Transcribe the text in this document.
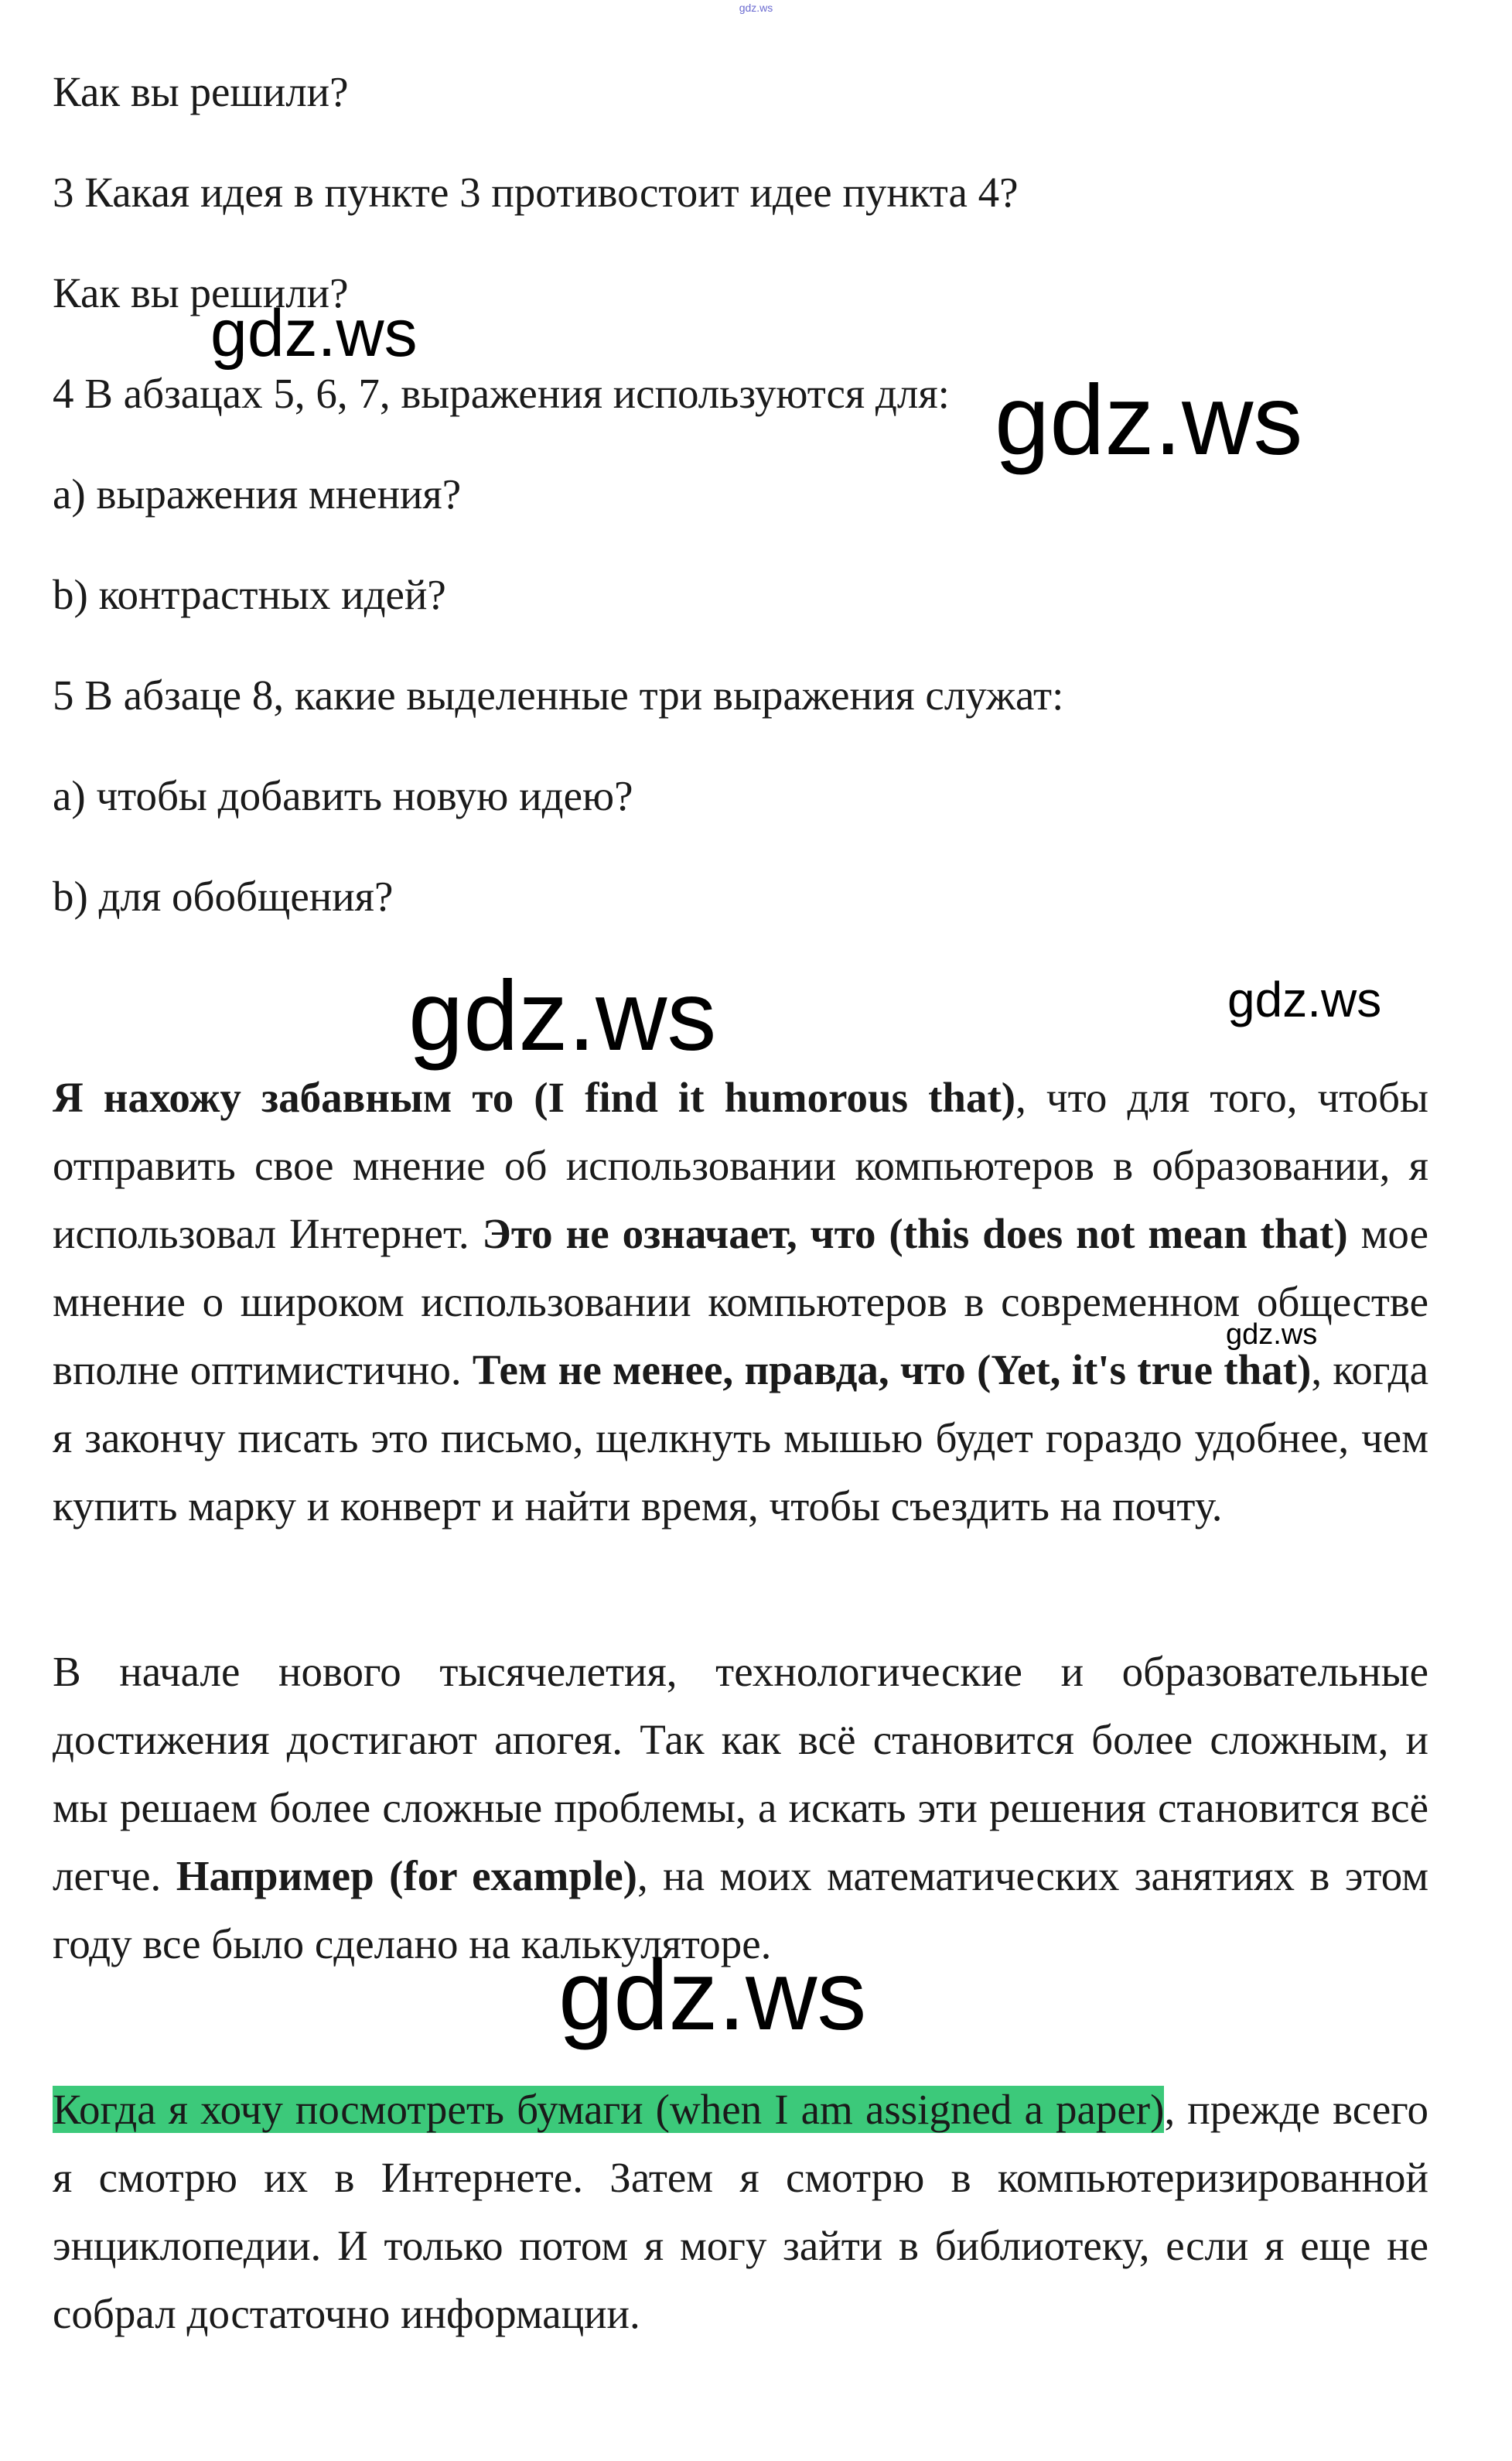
gdz.ws
Как вы решили?
3 Какая идея в пункте 3 противостоит идее пункта 4?
Как вы решили?
4 В абзацах 5, 6, 7, выражения используются для:
a) выражения мнения?
b) контрастных идей?
5 В абзаце 8, какие выделенные три выражения служат:
a) чтобы добавить новую идею?
b) для обобщения?
Я нахожу забавным то (I find it humorous that), что для того, чтобы отправить свое мнение об использовании компьютеров в образовании, я использовал Интернет. Это не означает, что (this does not mean that) мое мнение о широком использовании компьютеров в современном обществе вполне оптимистично. Тем не менее, правда, что (Yet, it's true that), когда я закончу писать это письмо, щелкнуть мышью будет гораздо удобнее, чем купить марку и конверт и найти время, чтобы съездить на почту.
В начале нового тысячелетия, технологические и образовательные достижения достигают апогея. Так как всё становится более сложным, и мы решаем более сложные проблемы, а искать эти решения становится всё легче. Например (for example), на моих математических занятиях в этом году все было сделано на калькуляторе.
Когда я хочу посмотреть бумаги (when I am assigned a paper), прежде всего я смотрю их в Интернете. Затем я смотрю в компьютеризированной энциклопедии. И только потом я могу зайти в библиотеку, если я еще не собрал достаточно информации.
gdz.ws
gdz.ws
gdz.ws	gdz.ws
gdz.ws
gdz.ws
